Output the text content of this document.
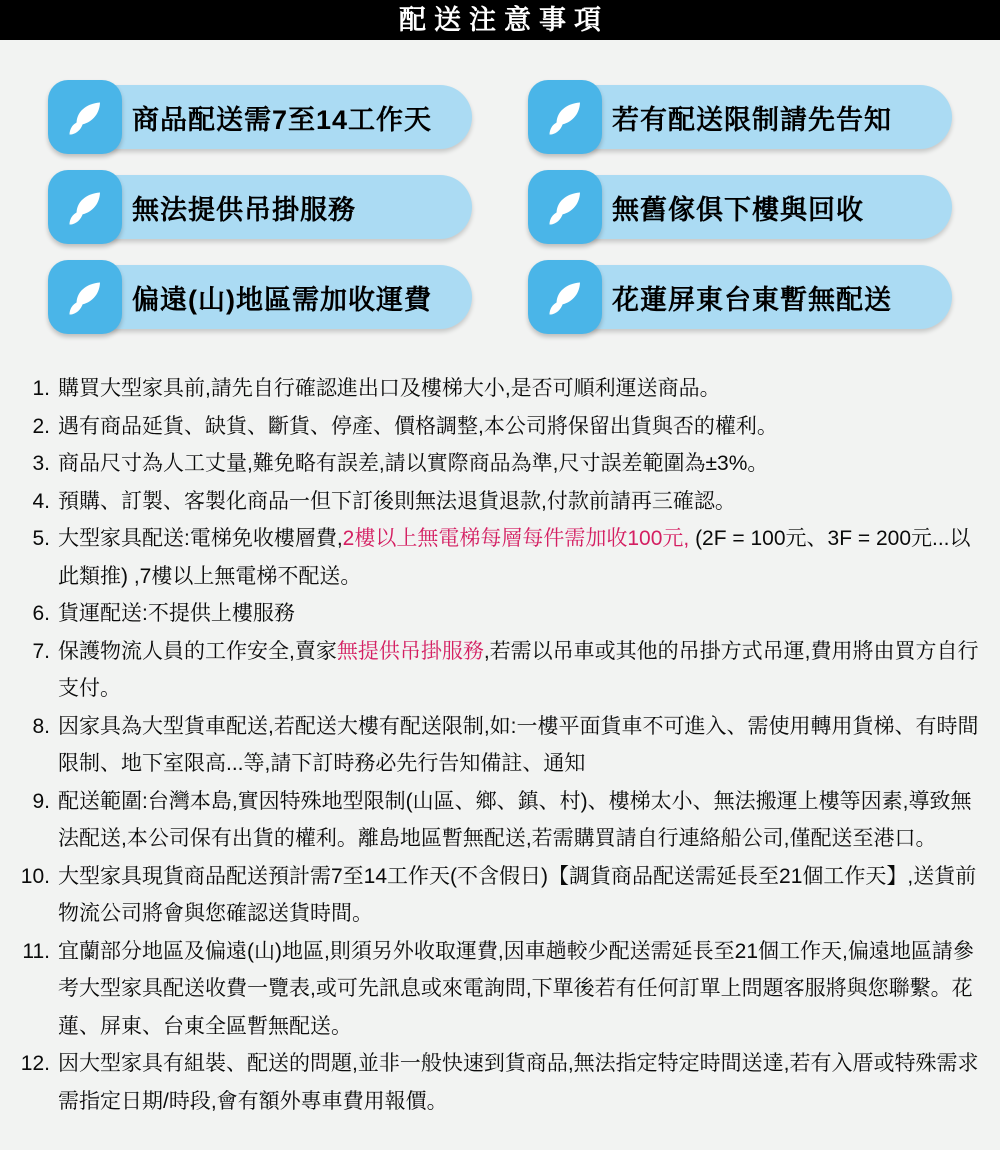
配送注意事項
商品配送需7至14工作天	若有配送限制請先告知
無法提供吊掛服務	無舊傢俱下樓與回收
偏遠(山)地區需加收運費	花蓮屏東台東暫無配送
1. 購買大型家具前,請先自行確認進出口及樓梯大小,是否可順利運送商品。
2. 遇有商品延貨、缺貨、斷貨、停產、價格調整,本公司將保留出貨與否的權利。
3. 商品尺寸為人工丈量,難免略有誤差,請以實際商品為準,尺寸誤差範圍為±3%。
4. 預購、訂製、客製化商品一但下訂後則無法退貨退款,付款前請再三確認。
5. 大型家具配送:電梯免收樓層費,2樓以上無電梯每層每件需加收100元, (2F = 100元、3F = 200元...以此類推) ,7樓以上無電梯不配送。
6. 貨運配送:不提供上樓服務
7. 保護物流人員的工作安全,賣家無提供吊掛服務,若需以吊車或其他的吊掛方式吊運,費用將由買方自行支付。
8. 因家具為大型貨車配送,若配送大樓有配送限制,如:一樓平面貨車不可進入、需使用轉用貨梯、有時間限制、地下室限高...等,請下訂時務必先行告知備註、通知
9. 配送範圍:台灣本島,實因特殊地型限制(山區、鄉、鎮、村)、樓梯太小、無法搬運上樓等因素,導致無法配送,本公司保有出貨的權利。離島地區暫無配送,若需購買請自行連絡船公司,僅配送至港口。
10. 大型家具現貨商品配送預計需7至14工作天(不含假日)【調貨商品配送需延長至21個工作天】,送貨前物流公司將會與您確認送貨時間。
11. 宜蘭部分地區及偏遠(山)地區,則須另外收取運費,因車趟較少配送需延長至21個工作天,偏遠地區請參考大型家具配送收費一覽表,或可先訊息或來電詢問,下單後若有任何訂單上問題客服將與您聯繫。花蓮、屏東、台東全區暫無配送。
12. 因大型家具有組裝、配送的問題,並非一般快速到貨商品,無法指定特定時間送達,若有入厝或特殊需求需指定日期/時段,會有額外專車費用報價。
